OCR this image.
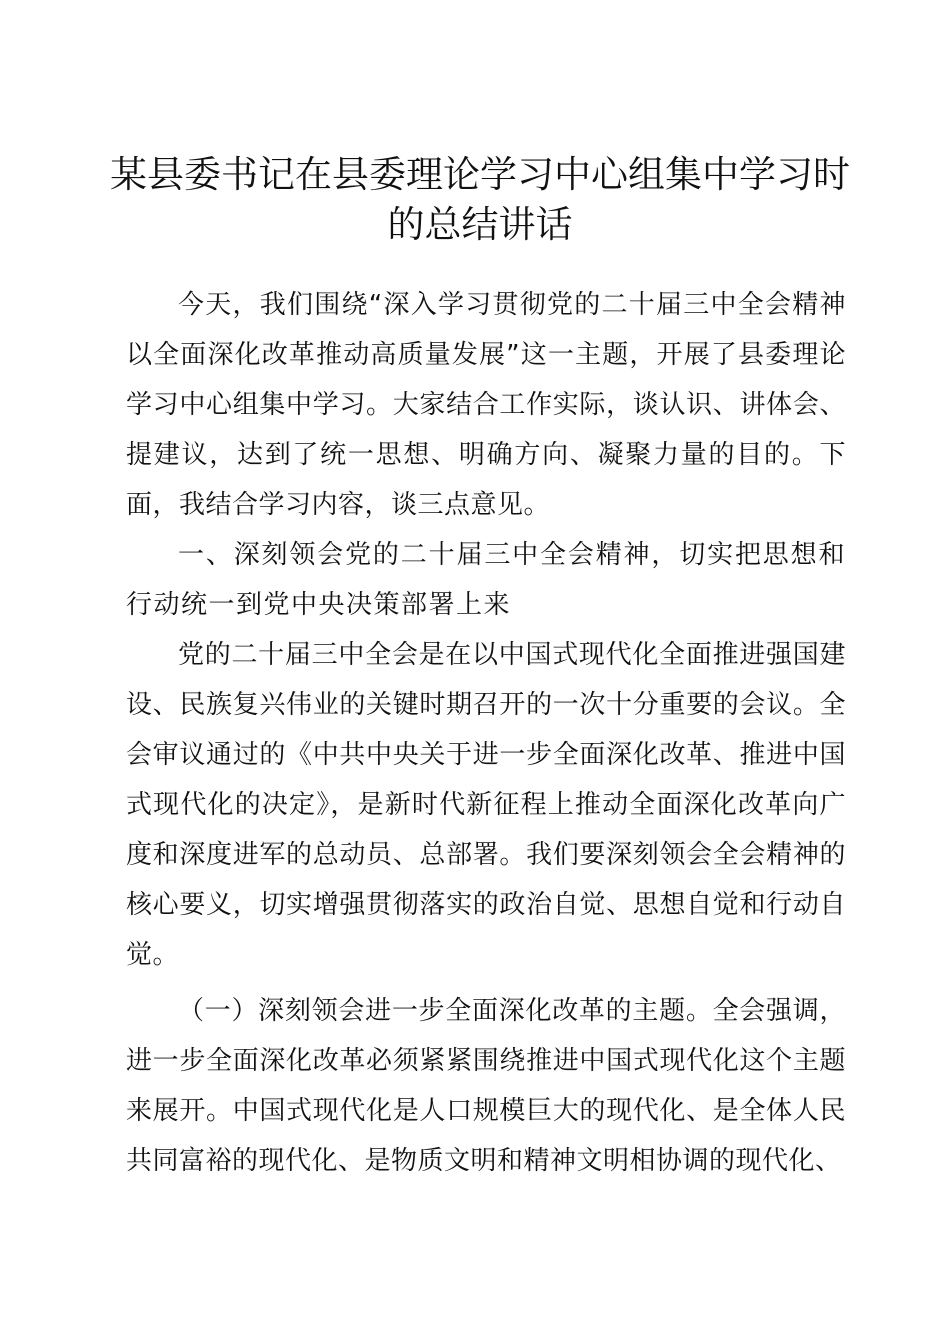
某县委书记在县委理论学习中心组集中学习时的总结讲话

今天，我们围绕“深入学习贯彻党的二十届三中全会精神以全面深化改革推动高质量发展”这一主题，开展了县委理论学习中心组集中学习。大家结合工作实际，谈认识、讲体会、提建议，达到了统一思想、明确方向、凝聚力量的目的。下面，我结合学习内容，谈三点意见。

一、深刻领会党的二十届三中全会精神，切实把思想和行动统一到党中央决策部署上来

党的二十届三中全会是在以中国式现代化全面推进强国建设、民族复兴伟业的关键时期召开的一次十分重要的会议。全会审议通过的《中共中央关于进一步全面深化改革、推进中国式现代化的决定》，是新时代新征程上推动全面深化改革向广度和深度进军的总动员、总部署。我们要深刻领会全会精神的核心要义，切实增强贯彻落实的政治自觉、思想自觉和行动自觉。

（一）深刻领会进一步全面深化改革的主题。全会强调，进一步全面深化改革必须紧紧围绕推进中国式现代化这个主题来展开。中国式现代化是人口规模巨大的现代化、是全体人民共同富裕的现代化、是物质文明和精神文明相协调的现代化、
